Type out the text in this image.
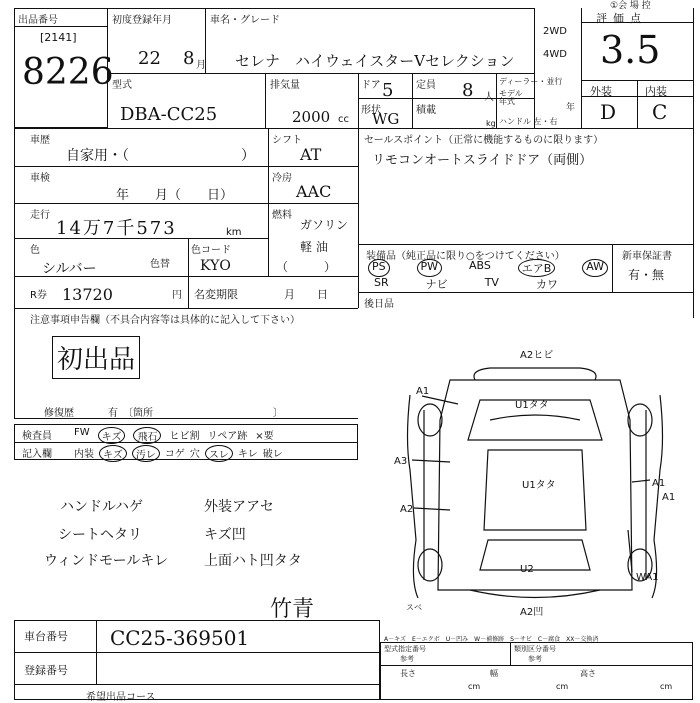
出品番号
[2141]
8226
初度登録年月
22 8 月
車名・グレード
セレナ　ハイウェイスターVセレクション
2WD
4WD
①会 場 控
評価点
3.5
型式
DBA-CC25
排気量
2000 cc
ドア 5
形状
WG
定員 8 人
積載
kg
ディーラー・並行
モデル年式
年
ハンドル 左・右
外装	内装
D C
車歴
自家用・（　　　　　　　　）
シフト
AT
車検
年　　月（　　日）
冷房
AAC
走行
14万7千573	km
燃料
ガソリン
軽 油
（　　　）
色
シルバー	色替
色コード
KYO
R券 13720	円 名変期限	月　　日
セールスポイント（正常に機能するものに限ります）
リモコンオートスライドドア（両側）
装備品（純正品に限り○をつけてください）	新車保証書
PS	PW	ABS	エアB	AW
SR	ナビ	TV	カワ
有・無
後日品
注意事項申告欄（不具合内容等は具体的に記入して下さい）
初出品
修復歴	有　〔箇所　　　　　　　　　　　　〕
検査員
記入欄
FW	キズ	飛石	ヒビ割 リペア跡 ×要
内装 キズ	汚レ コゲ 穴 スレ キレ 破レ
ハンドルハゲ
シートヘタリ
ウィンドモールキレ
外装アアセ
キズ凹
上面ハト凹タタ
竹青
A2ヒビ
A1
U1タタ
A3
A2
U1タタ	A1
U2
A1
WA1
A2凹
スベ
車台番号 CC25-369501
登録番号
希望出品コース
A－キズ　E－エクボ　U－凹み　W－補修跡　S－サビ　C－腐食　XX－交換済
型式指定番号
参考
類別区分番号
参考
長さ	幅	高さ
cm	cm	cm
